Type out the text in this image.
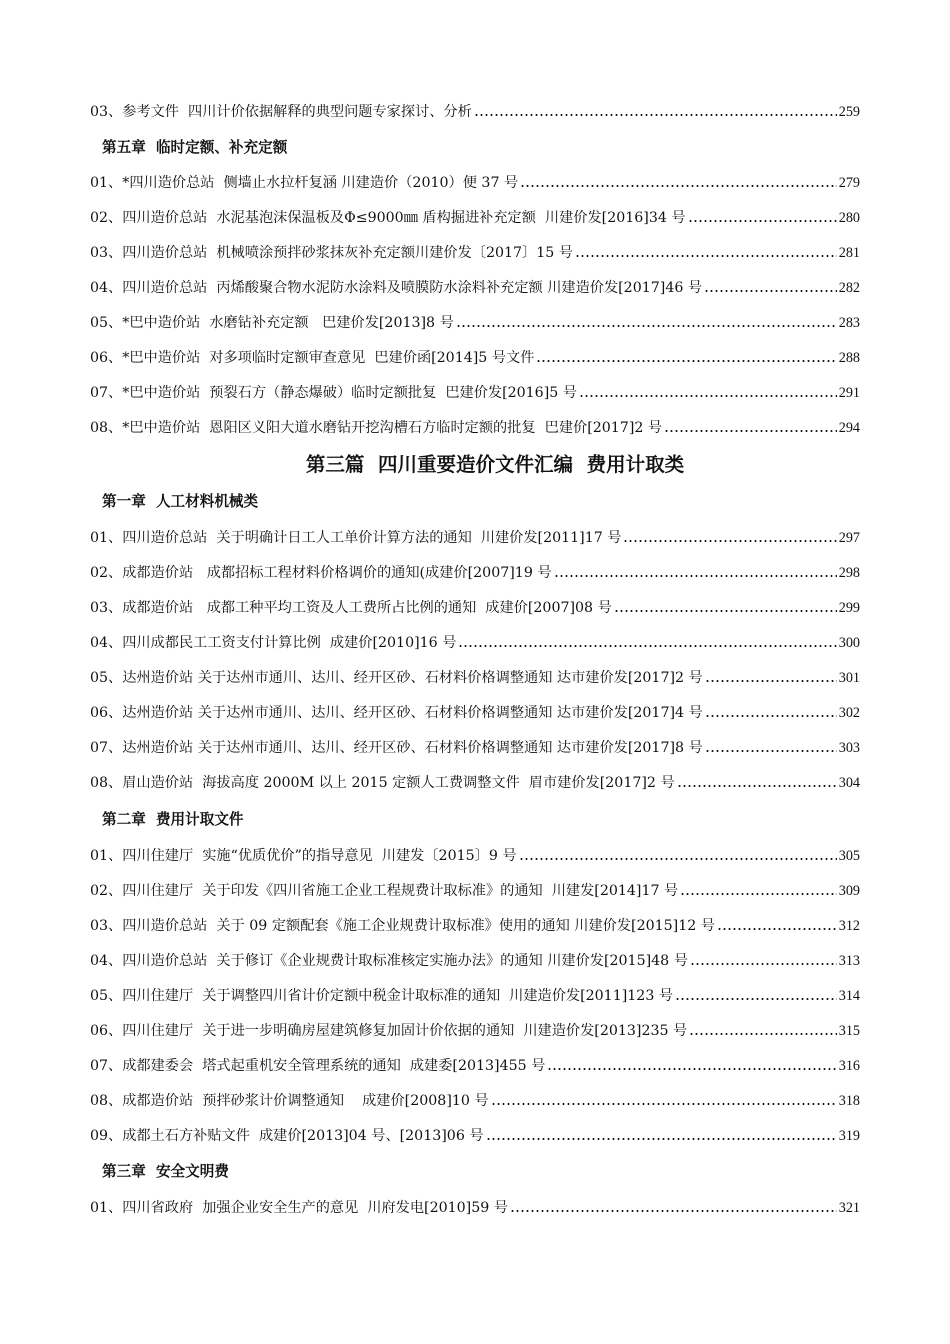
03、参考文件  四川计价依据解释的典型问题专家探讨、分析	259
第五章  临时定额、补充定额
01、*四川造价总站  侧墙止水拉杆复涵 川建造价（2010）便 37 号	279
02、四川造价总站  水泥基泡沫保温板及Φ≤9000㎜ 盾构掘进补充定额  川建价发[2016]34 号	280
03、四川造价总站  机械喷涂预拌砂浆抹灰补充定额川建价发〔2017〕15 号	281
04、四川造价总站  丙烯酸聚合物水泥防水涂料及喷膜防水涂料补充定额 川建造价发[2017]46 号	282
05、*巴中造价站  水磨钻补充定额   巴建价发[2013]8 号	283
06、*巴中造价站  对多项临时定额审查意见  巴建价函[2014]5 号文件	288
07、*巴中造价站  预裂石方（静态爆破）临时定额批复  巴建价发[2016]5 号	291
08、*巴中造价站  恩阳区义阳大道水磨钻开挖沟槽石方临时定额的批复  巴建价[2017]2 号	294
第三篇  四川重要造价文件汇编  费用计取类
第一章  人工材料机械类
01、四川造价总站  关于明确计日工人工单价计算方法的通知  川建价发[2011]17 号	297
02、成都造价站   成都招标工程材料价格调价的通知(成建价[2007]19 号	298
03、成都造价站   成都工种平均工资及人工费所占比例的通知  成建价[2007]08 号	299
04、四川成都民工工资支付计算比例  成建价[2010]16 号	300
05、达州造价站 关于达州市通川、达川、经开区砂、石材料价格调整通知 达市建价发[2017]2 号	301
06、达州造价站 关于达州市通川、达川、经开区砂、石材料价格调整通知 达市建价发[2017]4 号	302
07、达州造价站 关于达州市通川、达川、经开区砂、石材料价格调整通知 达市建价发[2017]8 号	303
08、眉山造价站  海拔高度 2000M 以上 2015 定额人工费调整文件  眉市建价发[2017]2 号	304
第二章  费用计取文件
01、四川住建厅  实施“优质优价”的指导意见  川建发〔2015〕9 号	305
02、四川住建厅  关于印发《四川省施工企业工程规费计取标准》的通知  川建发[2014]17 号	309
03、四川造价总站  关于 09 定额配套《施工企业规费计取标准》使用的通知 川建价发[2015]12 号	312
04、四川造价总站  关于修订《企业规费计取标准核定实施办法》的通知 川建价发[2015]48 号	313
05、四川住建厅  关于调整四川省计价定额中税金计取标准的通知  川建造价发[2011]123 号	314
06、四川住建厅  关于进一步明确房屋建筑修复加固计价依据的通知  川建造价发[2013]235 号	315
07、成都建委会  塔式起重机安全管理系统的通知  成建委[2013]455 号	316
08、成都造价站  预拌砂浆计价调整通知    成建价[2008]10 号	318
09、成都土石方补贴文件  成建价[2013]04 号、[2013]06 号	319
第三章  安全文明费
01、四川省政府  加强企业安全生产的意见  川府发电[2010]59 号	321
